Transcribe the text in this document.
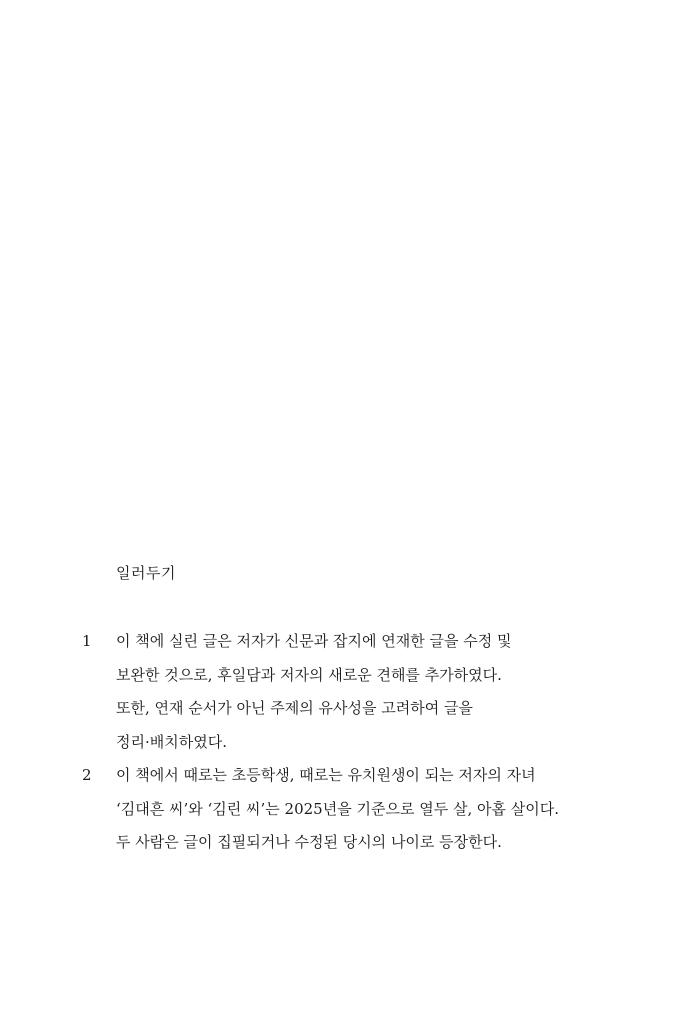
일러두기
1	이 책에 실린 글은 저자가 신문과 잡지에 연재한 글을 수정 및
보완한 것으로, 후일담과 저자의 새로운 견해를 추가하였다.
또한, 연재 순서가 아닌 주제의 유사성을 고려하여 글을
정리·배치하였다.
2	이 책에서 때로는 초등학생, 때로는 유치원생이 되는 저자의 자녀
‘김대흔 씨’와 ‘김린 씨’는 2025년을 기준으로 열두 살, 아홉 살이다.
두 사람은 글이 집필되거나 수정된 당시의 나이로 등장한다.
